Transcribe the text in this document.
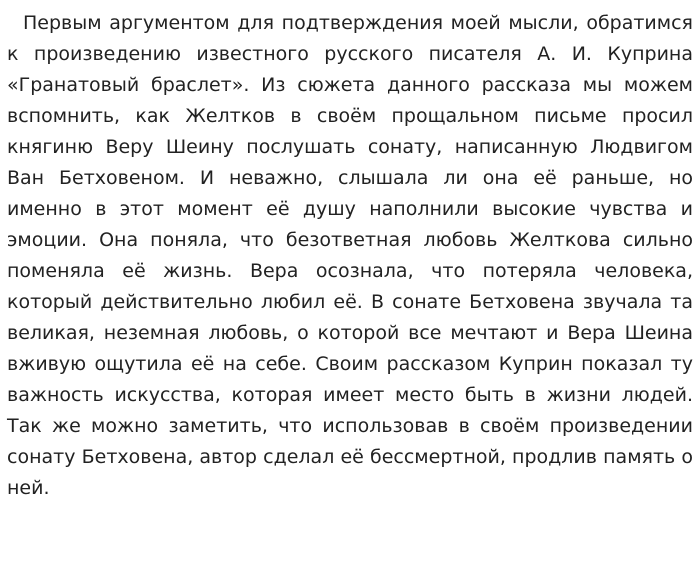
Первым аргументом для подтверждения моей мысли, обратимся к произведению известного русского писателя А. И. Куприна «Гранатовый браслет». Из сюжета данного рассказа мы можем вспомнить, как Желтков в своём прощальном письме просил княгиню Веру Шеину послушать сонату, написанную Людвигом Ван Бетховеном. И неважно, слышала ли она её раньше, но именно в этот момент её душу наполнили высокие чувства и эмоции. Она поняла, что безответная любовь Желткова сильно поменяла её жизнь. Вера осознала, что потеряла человека, который действительно любил её. В сонате Бетховена звучала та великая, неземная любовь, о которой все мечтают и Вера Шеина вживую ощутила её на себе. Своим рассказом Куприн показал ту важность искусства, которая имеет место быть в жизни людей. Так же можно заметить, что использовав в своём произведении сонату Бетховена, автор сделал её бессмертной, продлив память о ней.
